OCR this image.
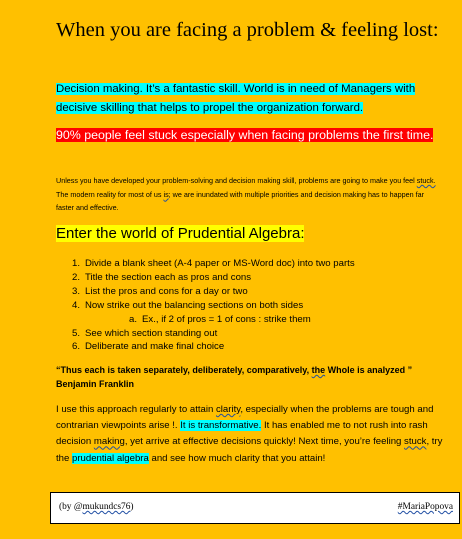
When you are facing a problem & feeling lost:

Decision making. It’s a fantastic skill. World is in need of Managers with decisive skilling that helps to propel the organization forward.

90% people feel stuck especially when facing problems the first time.

Unless you have developed your problem-solving and decision making skill, problems are going to make you feel stuck. The modern reality for most of us is; we are inundated with multiple priorities and decision making has to happen far faster and effective.

Enter the world of Prudential Algebra:
1. Divide a blank sheet (A-4 paper or MS-Word doc) into two parts
2. Title the section each as pros and cons
3. List the pros and cons for a day or two
4. Now strike out the balancing sections on both sides
a. Ex., if 2 of pros = 1 of cons : strike them
5. See which section standing out
6. Deliberate and make final choice

“Thus each is taken separately, deliberately, comparatively, the Whole is analyzed ” Benjamin Franklin

I use this approach regularly to attain clarity, especially when the problems are tough and contrarian viewpoints arise !. It is transformative. It has enabled me to not rush into rash decision making, yet arrive at effective decisions quickly! Next time, you’re feeling stuck, try the prudential algebra and see how much clarity that you attain!

(by @mukundcs76)	#MariaPopova
